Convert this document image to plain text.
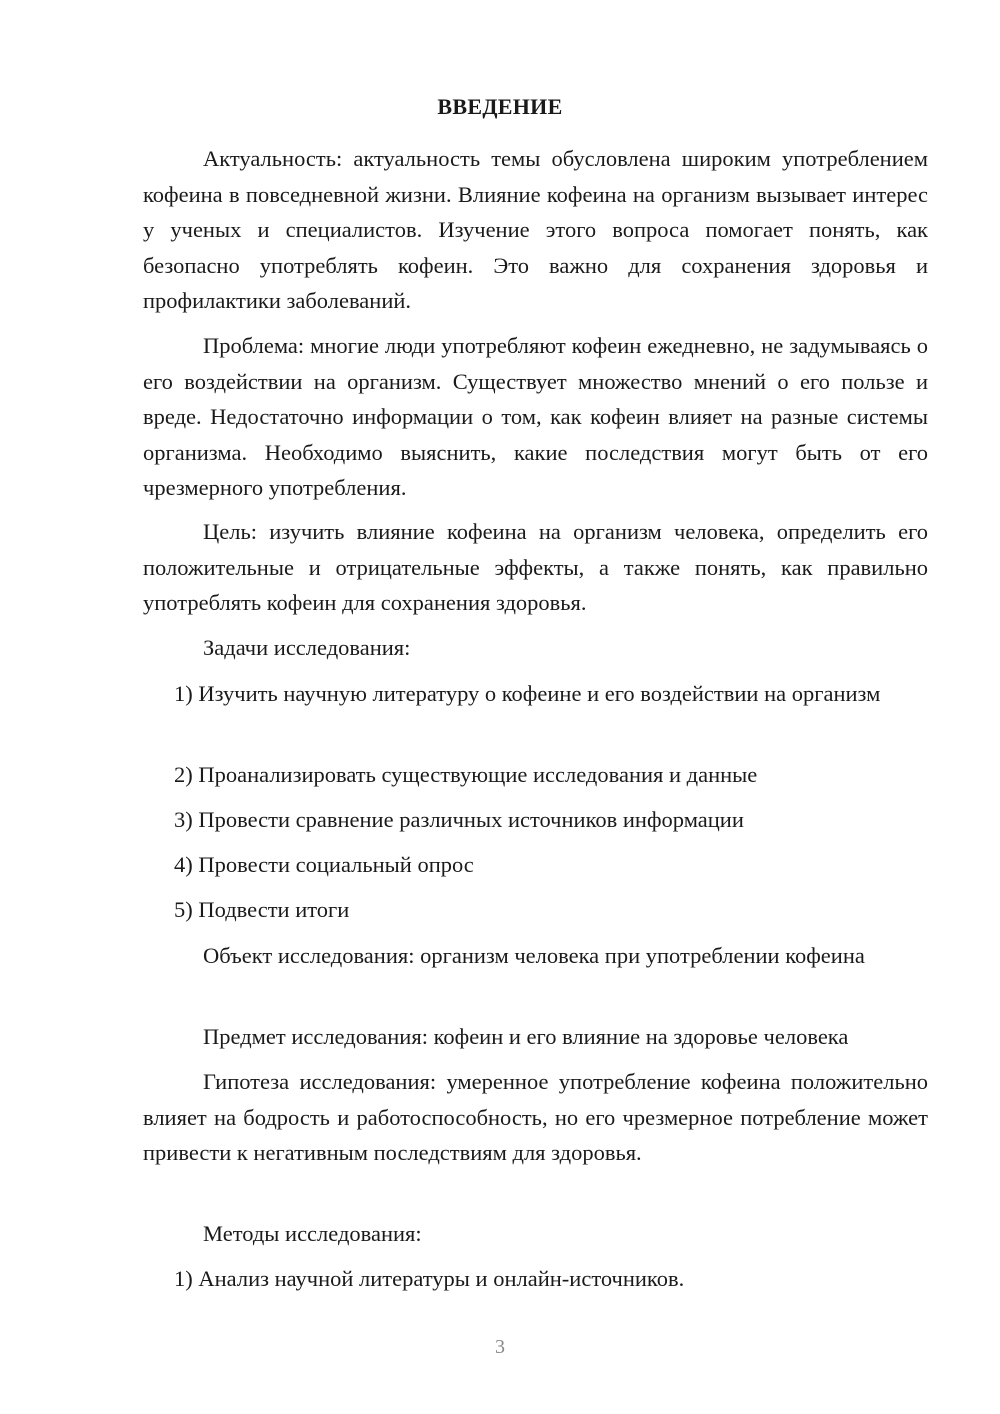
ВВЕДЕНИЕ

Актуальность: актуальность темы обусловлена широким употреблением кофеина в повседневной жизни. Влияние кофеина на организм вызывает интерес у ученых и специалистов. Изучение этого вопроса помогает понять, как безопасно употреблять кофеин. Это важно для сохранения здоровья и профилактики заболеваний.

Проблема: многие люди употребляют кофеин ежедневно, не задумываясь о его воздействии на организм. Существует множество мнений о его пользе и вреде. Недостаточно информации о том, как кофеин влияет на разные системы организма. Необходимо выяснить, какие последствия могут быть от его чрезмерного употребления.

Цель: изучить влияние кофеина на организм человека, определить его положительные и отрицательные эффекты, а также понять, как правильно употреблять кофеин для сохранения здоровья.

Задачи исследования:

1) Изучить научную литературу о кофеине и его воздействии на организм

2) Проанализировать существующие исследования и данные

3) Провести сравнение различных источников информации

4) Провести социальный опрос

5) Подвести итоги

Объект исследования: организм человека при употреблении кофеина

Предмет исследования: кофеин и его влияние на здоровье человека

Гипотеза исследования: умеренное употребление кофеина положительно влияет на бодрость и работоспособность, но его чрезмерное потребление может привести к негативным последствиям для здоровья.

Методы исследования:

1) Анализ научной литературы и онлайн-источников.

3
